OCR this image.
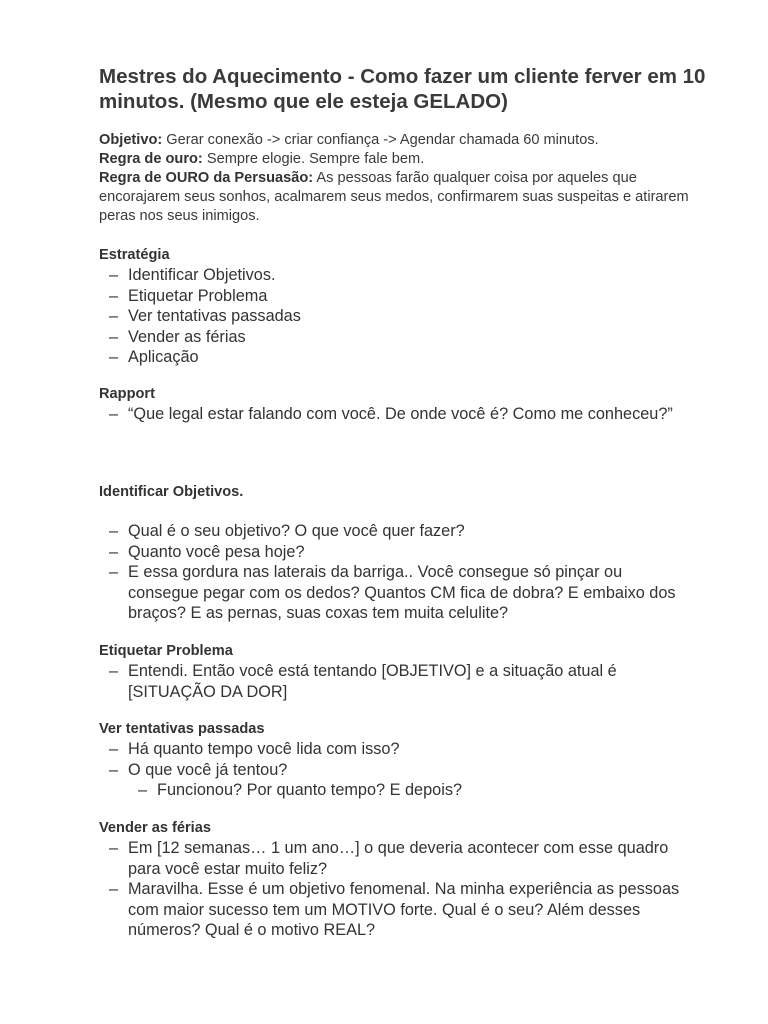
Mestres do Aquecimento - Como fazer um cliente ferver em 10 minutos. (Mesmo que ele esteja GELADO)

Objetivo: Gerar conexão -> criar confiança -> Agendar chamada 60 minutos.

Regra de ouro: Sempre elogie. Sempre fale bem.

Regra de OURO da Persuasão: As pessoas farão qualquer coisa por aqueles que encorajarem seus sonhos, acalmarem seus medos, confirmarem suas suspeitas e atirarem peras nos seus inimigos.

Estratégia
– Identificar Objetivos.
– Etiquetar Problema
– Ver tentativas passadas
– Vender as férias
– Aplicação
Rapport
– “Que legal estar falando com você. De onde você é? Como me conheceu?”
Identificar Objetivos.
– Qual é o seu objetivo? O que você quer fazer?
– Quanto você pesa hoje?
– E essa gordura nas laterais da barriga.. Você consegue só pinçar ou consegue pegar com os dedos? Quantos CM fica de dobra? E embaixo dos braços? E as pernas, suas coxas tem muita celulite?
Etiquetar Problema
– Entendi. Então você está tentando [OBJETIVO] e a situação atual é [SITUAÇÃO DA DOR]
Ver tentativas passadas
– Há quanto tempo você lida com isso?
– O que você já tentou?
– Funcionou? Por quanto tempo? E depois?
Vender as férias
– Em [12 semanas… 1 um ano…] o que deveria acontecer com esse quadro para você estar muito feliz?
– Maravilha. Esse é um objetivo fenomenal. Na minha experiência as pessoas com maior sucesso tem um MOTIVO forte. Qual é o seu? Além desses números? Qual é o motivo REAL?
